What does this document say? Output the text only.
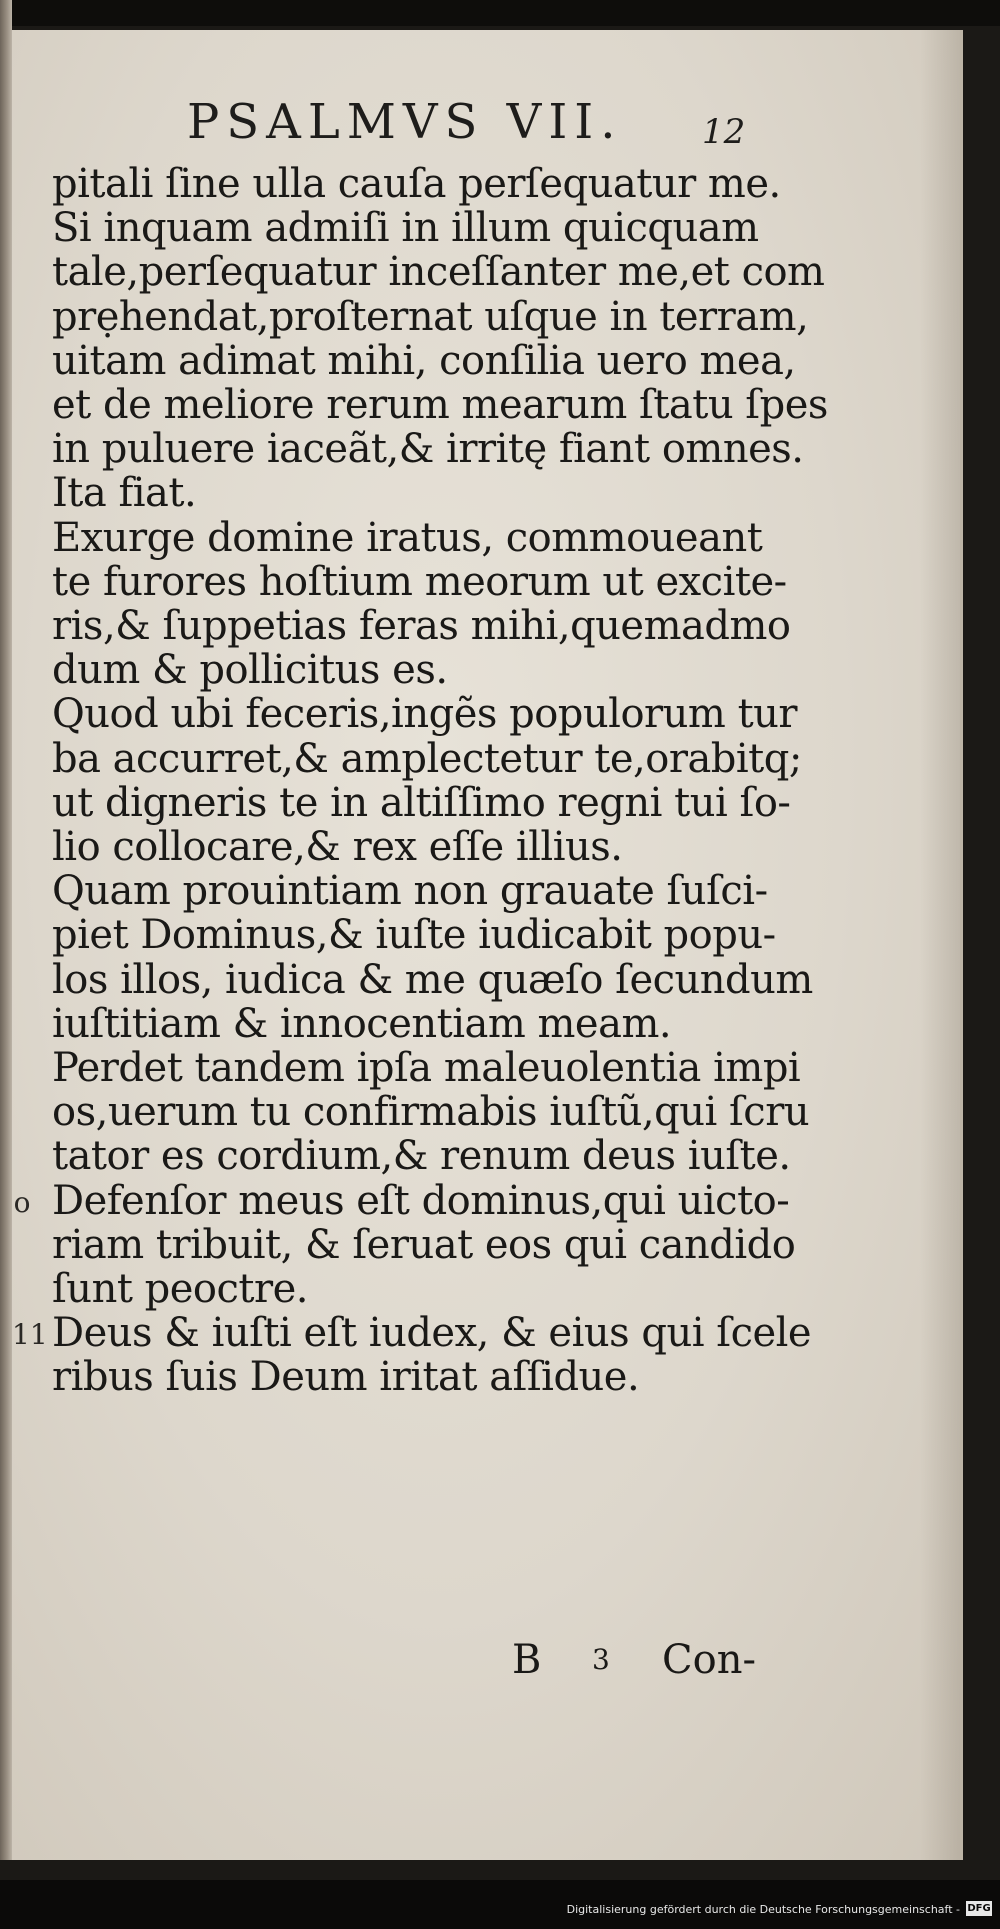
PSALMVS VII. 12
pitali ſine ulla cauſa perſequatur me.
Si inquam admiſi in illum quicquam
tale,perſequatur inceſſanter me,et com
prẹhendat,proſternat uſque in terram,
uitam adimat mihi, conſilia uero mea,
et de meliore rerum mearum ſtatu ſpes
in puluere iaceãt,& irritę fiant omnes.
Ita fiat.
Exurge domine iratus, commoueant
te furores hoſtium meorum ut excite-
ris,& ſuppetias feras mihi,quemadmo
dum & pollicitus es.
Quod ubi feceris,ingẽs populorum tur
ba accurret,& amplectetur te,orabitq;
ut digneris te in altiſſimo regni tui ſo-
lio collocare,& rex eſſe illius.
Quam prouintiam non grauate ſuſci-
piet Dominus,& iuſte iudicabit popu-
los illos, iudica & me quæſo ſecundum
iuſtitiam & innocentiam meam.
Perdet tandem ipſa maleuolentia impi
os,uerum tu confirmabis iuſtũ,qui ſcru
tator es cordium,& renum deus iuſte.
Defenſor meus eſt dominus,qui uicto-
riam tribuit, & ſeruat eos qui candido
ſunt peoctre.
Deus & iuſti eſt iudex, & eius qui ſcele
ribus ſuis Deum iritat aſſidue.
o
11
B 3 Con-
Digitalisierung gefördert durch die Deutsche Forschungsgemeinschaft - DFG
